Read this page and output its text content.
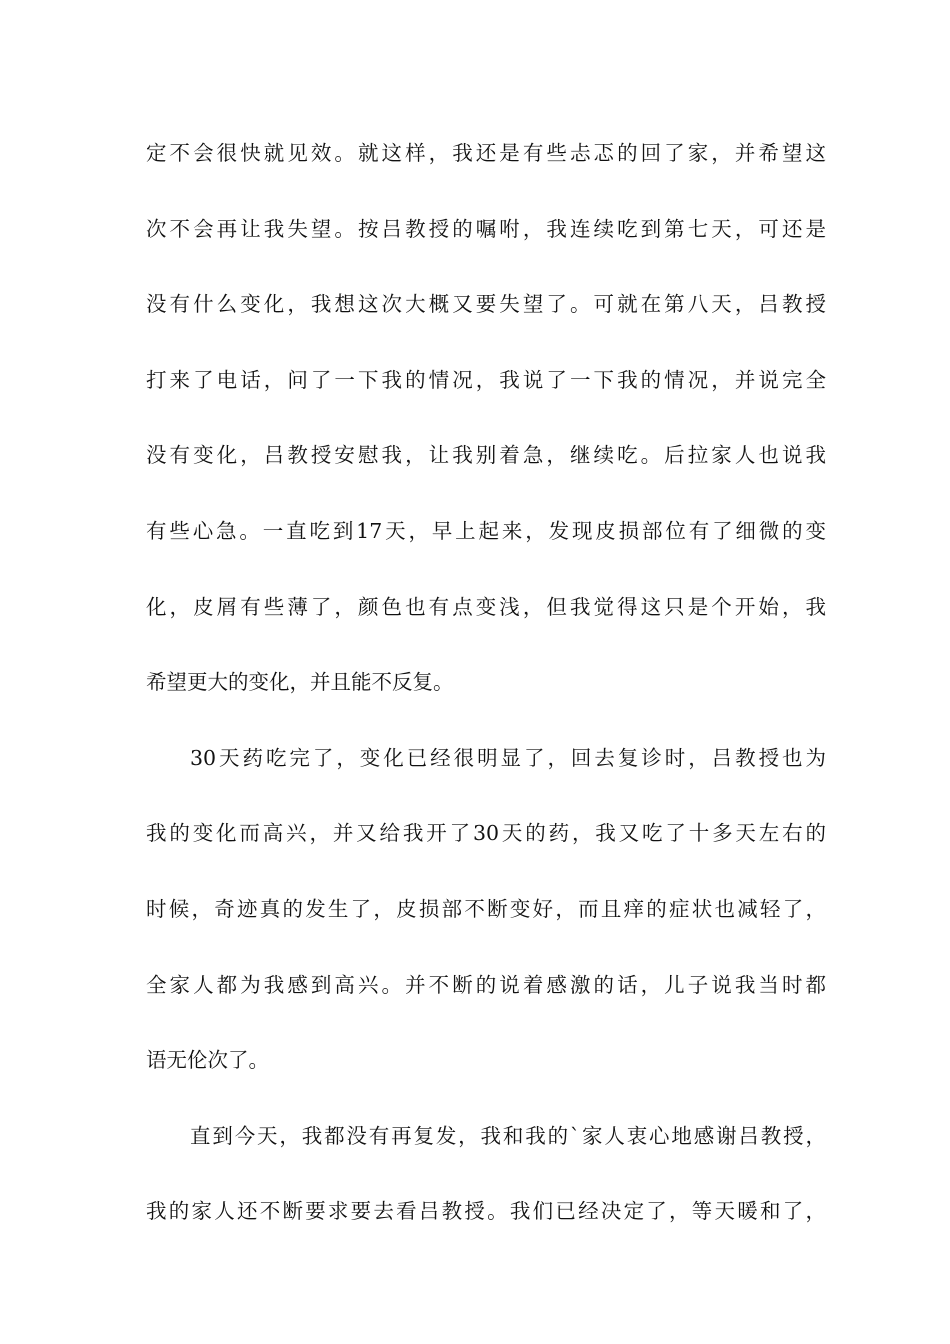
定不会很快就见效。就这样，我还是有些忐忑的回了家，并希望这
次不会再让我失望。按吕教授的嘱咐，我连续吃到第七天，可还是
没有什么变化，我想这次大概又要失望了。可就在第八天，吕教授
打来了电话，问了一下我的情况，我说了一下我的情况，并说完全
没有变化，吕教授安慰我，让我别着急，继续吃。后拉家人也说我
有些心急。一直吃到17天，早上起来，发现皮损部位有了细微的变
化，皮屑有些薄了，颜色也有点变浅，但我觉得这只是个开始，我
希望更大的变化，并且能不反复。
30天药吃完了，变化已经很明显了，回去复诊时，吕教授也为
我的变化而高兴，并又给我开了30天的药，我又吃了十多天左右的
时候，奇迹真的发生了，皮损部不断变好，而且痒的症状也减轻了，
全家人都为我感到高兴。并不断的说着感激的话，儿子说我当时都
语无伦次了。
直到今天，我都没有再复发，我和我的`家人衷心地感谢吕教授，
我的家人还不断要求要去看吕教授。我们已经决定了，等天暖和了，
